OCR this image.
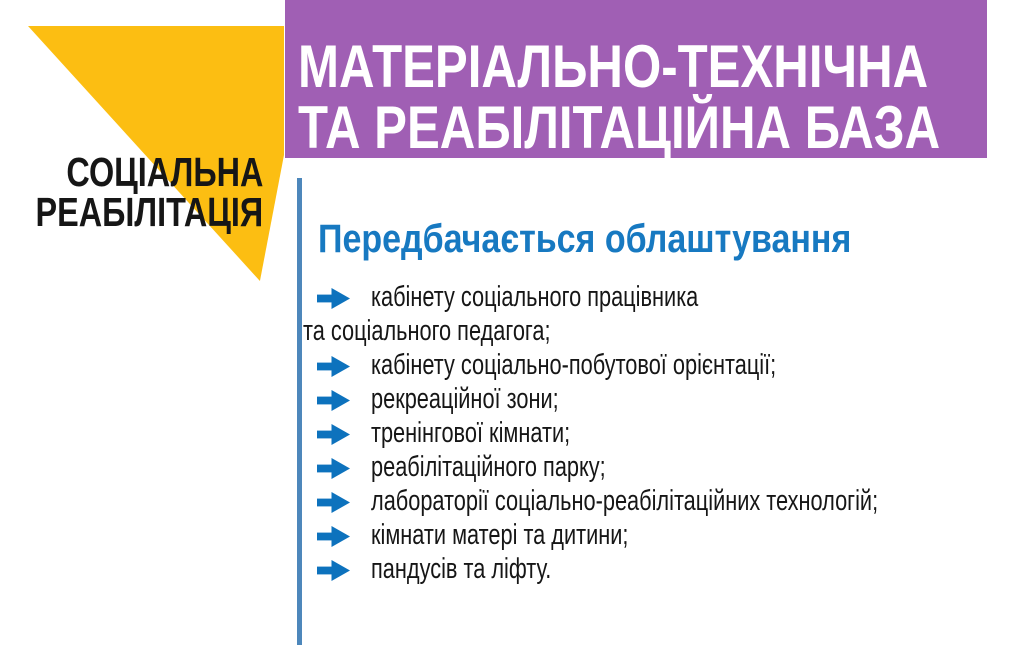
СОЦІАЛЬНА
РЕАБІЛІТАЦІЯ
МАТЕРІАЛЬНО-ТЕХНІЧНА
ТА РЕАБІЛІТАЦІЙНА БАЗА
Передбачається облаштування
кабінету соціального працівника
та соціального педагога;
кабінету соціально-побутової орієнтації;
рекреаційної зони;
тренінгової кімнати;
реабілітаційного парку;
лабораторії соціально-реабілітаційних технологій;
кімнати матері та дитини;
пандусів та ліфту.
